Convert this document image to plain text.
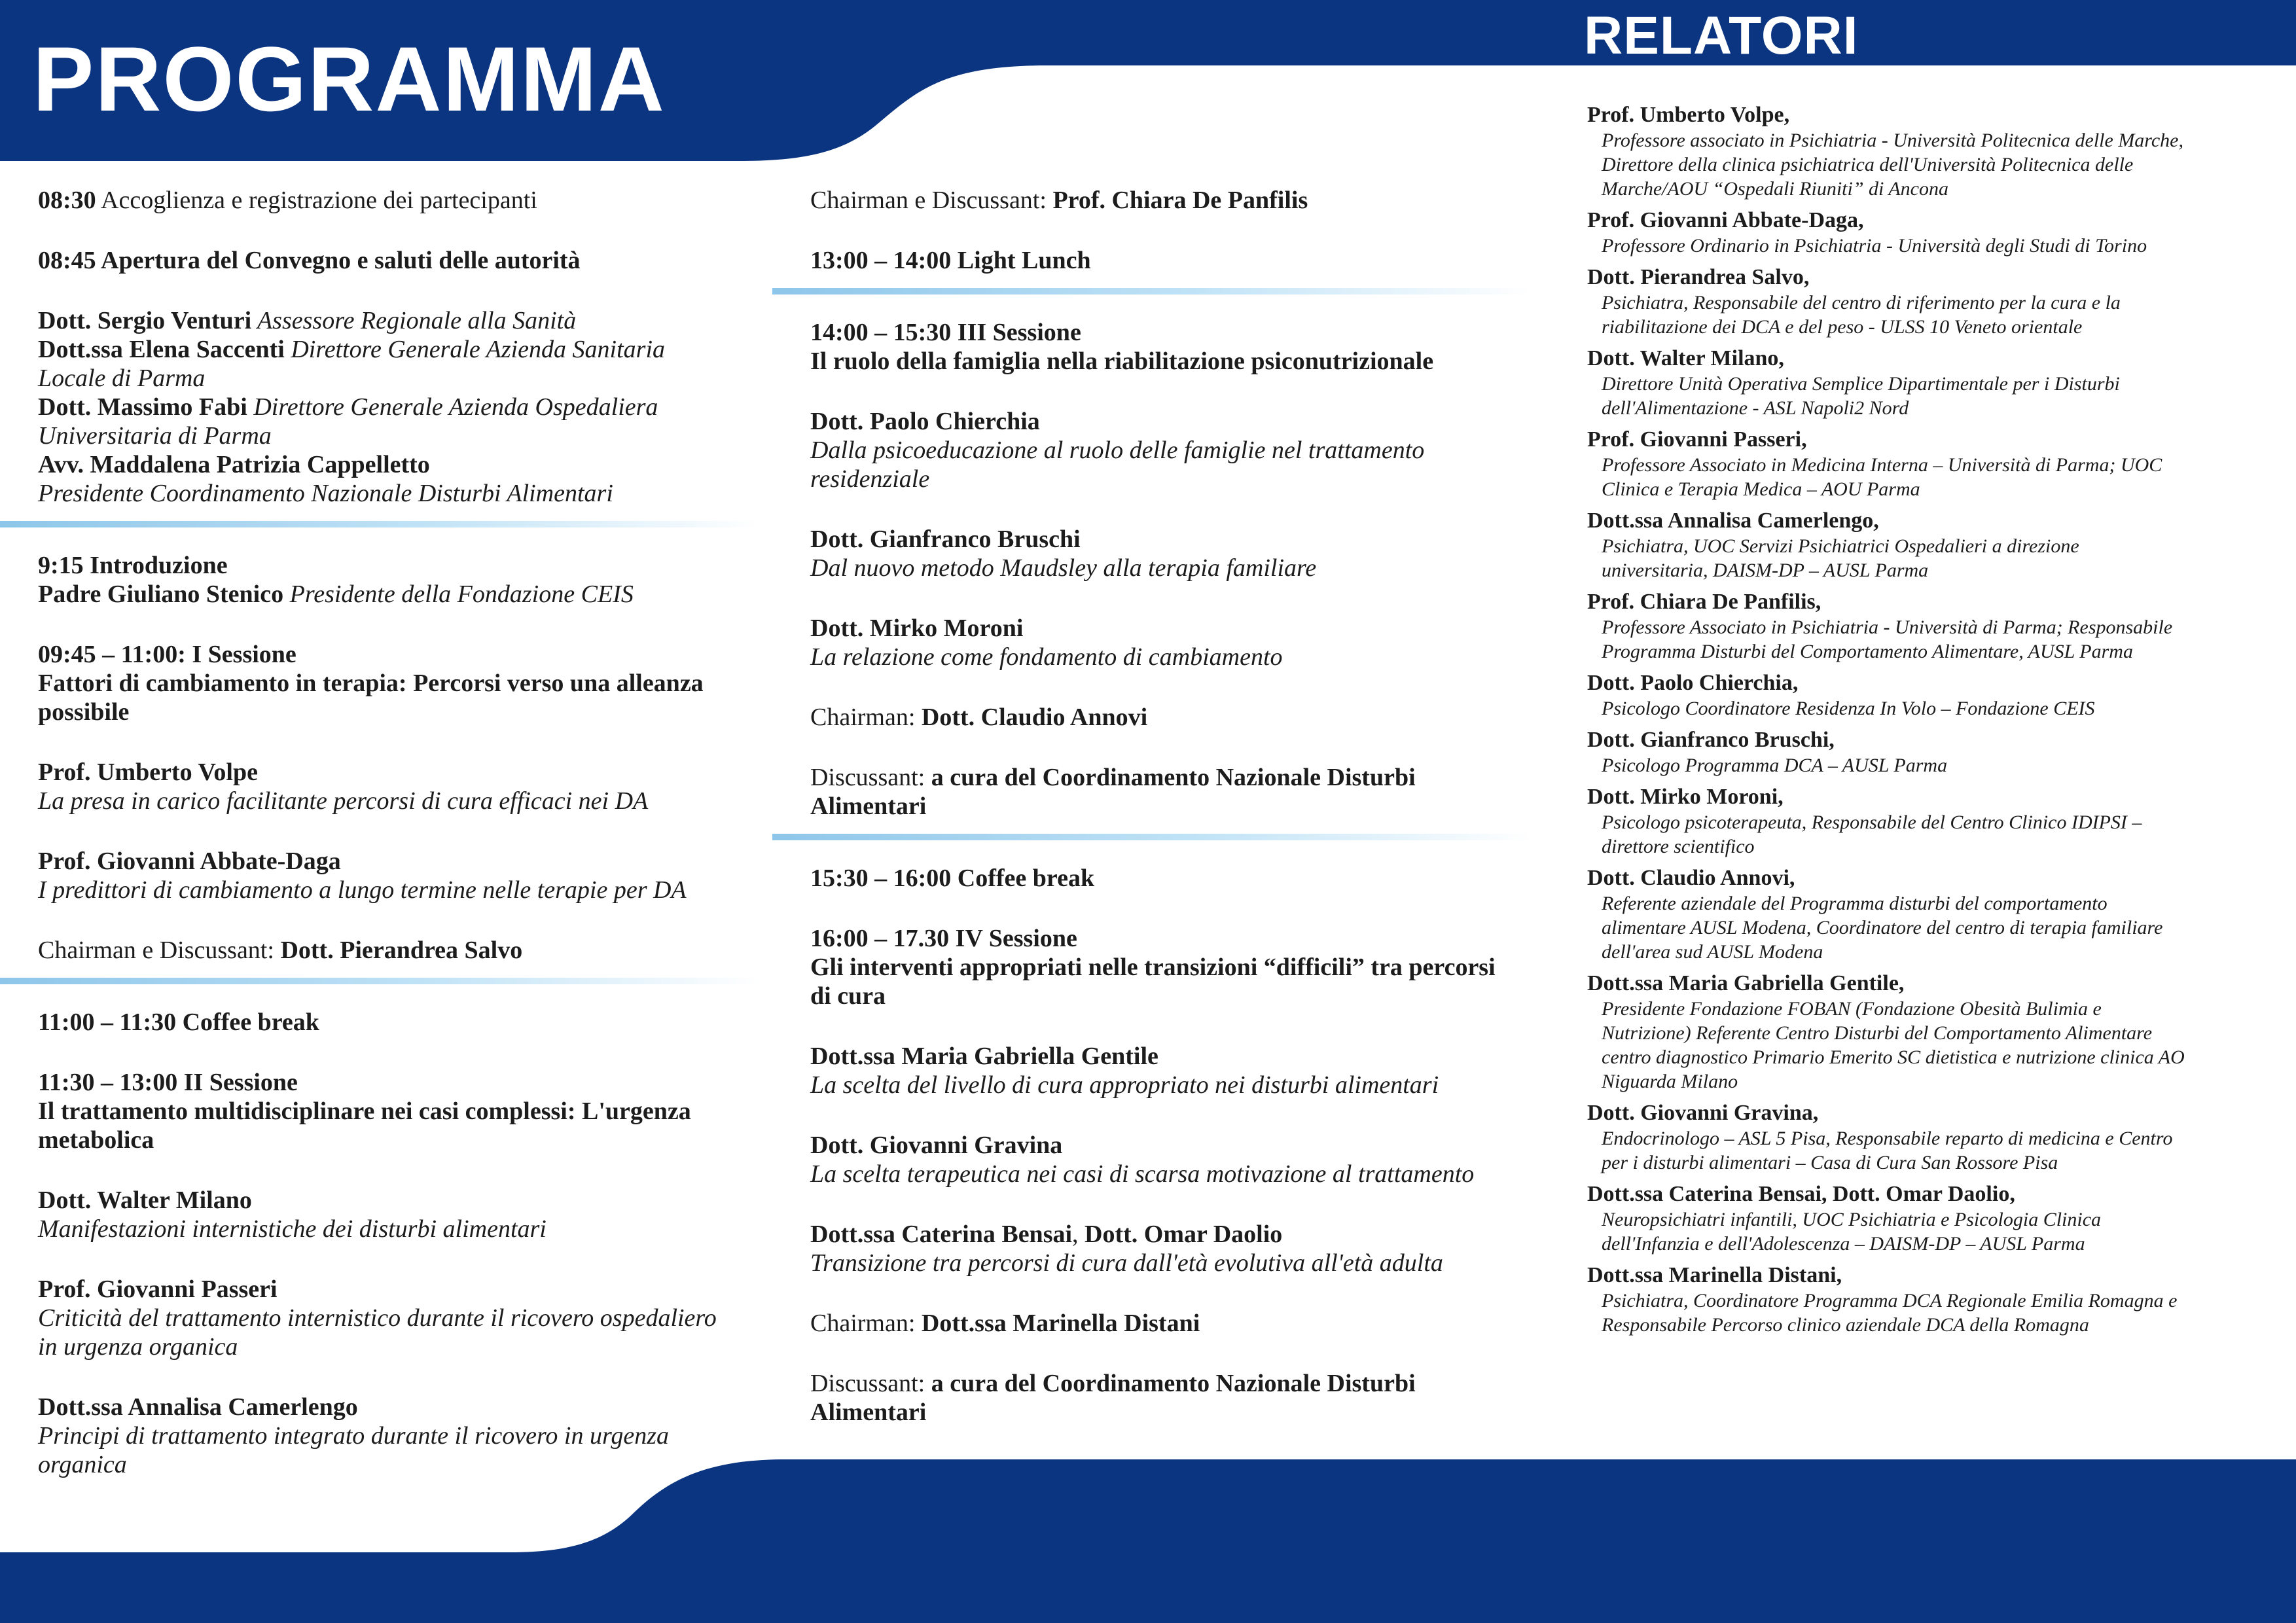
PROGRAMMA	RELATORI

08:30 Accoglienza e registrazione dei partecipanti

08:45 Apertura del Convegno e saluti delle autorità

Dott. Sergio Venturi Assessore Regionale alla Sanità
Dott.ssa Elena Saccenti Direttore Generale Azienda Sanitaria Locale di Parma
Dott. Massimo Fabi Direttore Generale Azienda Ospedaliera Universitaria di Parma
Avv. Maddalena Patrizia Cappelletto
Presidente Coordinamento Nazionale Disturbi Alimentari

9:15 Introduzione
Padre Giuliano Stenico Presidente della Fondazione CEIS

09:45 – 11:00: I Sessione
Fattori di cambiamento in terapia: Percorsi verso una alleanza possibile

Prof. Umberto Volpe
La presa in carico facilitante percorsi di cura efficaci nei DA

Prof. Giovanni Abbate-Daga
I predittori di cambiamento a lungo termine nelle terapie per DA

Chairman e Discussant: Dott. Pierandrea Salvo

11:00 – 11:30 Coffee break

11:30 – 13:00 II Sessione
Il trattamento multidisciplinare nei casi complessi: L'urgenza metabolica

Dott. Walter Milano
Manifestazioni internistiche dei disturbi alimentari

Prof. Giovanni Passeri
Criticità del trattamento internistico durante il ricovero ospedaliero in urgenza organica

Dott.ssa Annalisa Camerlengo
Principi di trattamento integrato durante il ricovero in urgenza organica

Chairman e Discussant: Prof. Chiara De Panfilis

13:00 – 14:00 Light Lunch

14:00 – 15:30 III Sessione
Il ruolo della famiglia nella riabilitazione psiconutrizionale

Dott. Paolo Chierchia
Dalla psicoeducazione al ruolo delle famiglie nel trattamento residenziale

Dott. Gianfranco Bruschi
Dal nuovo metodo Maudsley alla terapia familiare

Dott. Mirko Moroni
La relazione come fondamento di cambiamento

Chairman: Dott. Claudio Annovi

Discussant: a cura del Coordinamento Nazionale Disturbi Alimentari

15:30 – 16:00 Coffee break

16:00 – 17.30 IV Sessione
Gli interventi appropriati nelle transizioni “difficili” tra percorsi di cura

Dott.ssa Maria Gabriella Gentile
La scelta del livello di cura appropriato nei disturbi alimentari

Dott. Giovanni Gravina
La scelta terapeutica nei casi di scarsa motivazione al trattamento

Dott.ssa Caterina Bensai, Dott. Omar Daolio
Transizione tra percorsi di cura dall'età evolutiva all'età adulta

Chairman: Dott.ssa Marinella Distani

Discussant: a cura del Coordinamento Nazionale Disturbi Alimentari

Prof. Umberto Volpe,
Professore associato in Psichiatria - Università Politecnica delle Marche,
Direttore della clinica psichiatrica dell'Università Politecnica delle
Marche/AOU “Ospedali Riuniti” di Ancona
Prof. Giovanni Abbate-Daga,
Professore Ordinario in Psichiatria - Università degli Studi di Torino
Dott. Pierandrea Salvo,
Psichiatra, Responsabile del centro di riferimento per la cura e la
riabilitazione dei DCA e del peso - ULSS 10 Veneto orientale
Dott. Walter Milano,
Direttore Unità Operativa Semplice Dipartimentale per i Disturbi
dell'Alimentazione - ASL Napoli2 Nord
Prof. Giovanni Passeri,
Professore Associato in Medicina Interna – Università di Parma; UOC
Clinica e Terapia Medica – AOU Parma
Dott.ssa Annalisa Camerlengo,
Psichiatra, UOC Servizi Psichiatrici Ospedalieri a direzione
universitaria, DAISM-DP – AUSL Parma
Prof. Chiara De Panfilis,
Professore Associato in Psichiatria - Università di Parma; Responsabile
Programma Disturbi del Comportamento Alimentare, AUSL Parma
Dott. Paolo Chierchia,
Psicologo Coordinatore Residenza In Volo – Fondazione CEIS
Dott. Gianfranco Bruschi,
Psicologo Programma DCA – AUSL Parma
Dott. Mirko Moroni,
Psicologo psicoterapeuta, Responsabile del Centro Clinico IDIPSI –
direttore scientifico
Dott. Claudio Annovi,
Referente aziendale del Programma disturbi del comportamento
alimentare AUSL Modena, Coordinatore del centro di terapia familiare
dell'area sud AUSL Modena
Dott.ssa Maria Gabriella Gentile,
Presidente Fondazione FOBAN (Fondazione Obesità Bulimia e
Nutrizione) Referente Centro Disturbi del Comportamento Alimentare
centro diagnostico Primario Emerito SC dietistica e nutrizione clinica AO
Niguarda Milano
Dott. Giovanni Gravina,
Endocrinologo – ASL 5 Pisa, Responsabile reparto di medicina e Centro
per i disturbi alimentari – Casa di Cura San Rossore Pisa
Dott.ssa Caterina Bensai, Dott. Omar Daolio,
Neuropsichiatri infantili, UOC Psichiatria e Psicologia Clinica
dell'Infanzia e dell'Adolescenza – DAISM-DP – AUSL Parma
Dott.ssa Marinella Distani,
Psichiatra, Coordinatore Programma DCA Regionale Emilia Romagna e
Responsabile Percorso clinico aziendale DCA della Romagna
